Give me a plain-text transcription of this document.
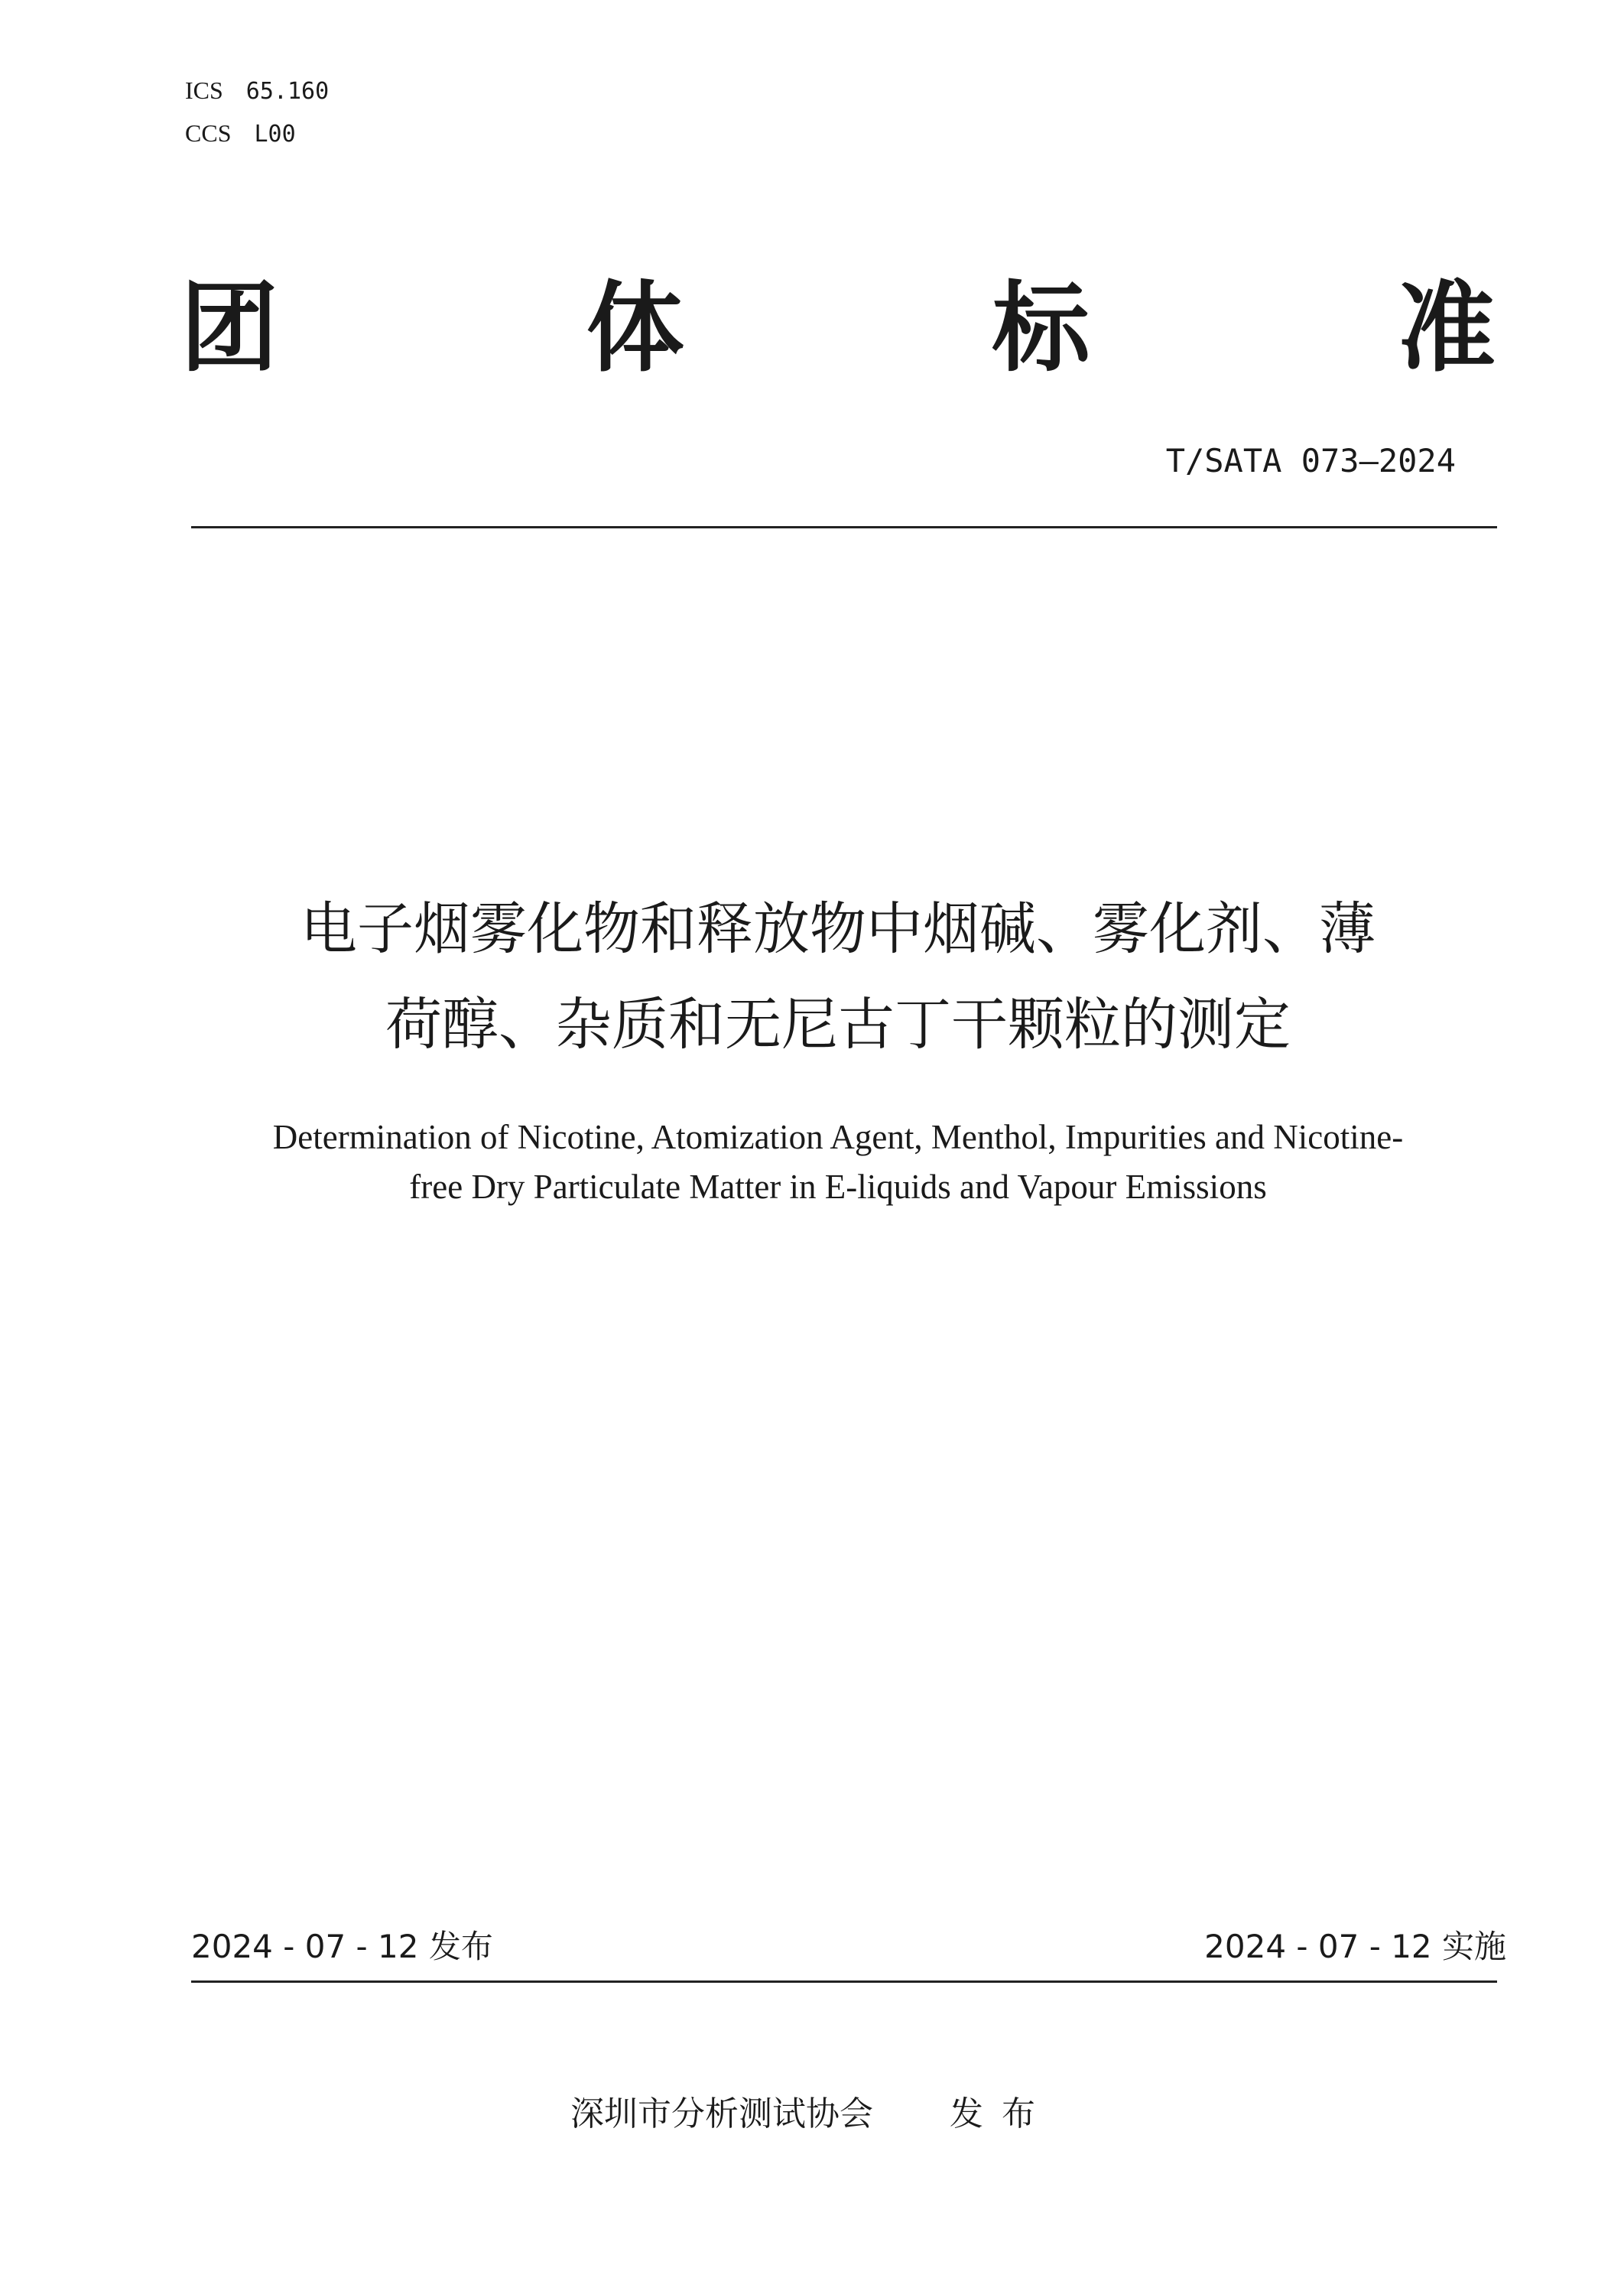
ICS 65.160
CCS L00
团	体	标	准
T/SATA 073—2024
电子烟雾化物和释放物中烟碱、雾化剂、薄
荷醇、杂质和无尼古丁干颗粒的测定
Determination of Nicotine, Atomization Agent, Menthol, Impurities and Nicotine-
free Dry Particulate Matter in E-liquids and Vapour Emissions
2024 - 07 - 12 发布	2024 - 07 - 12 实施
深圳市分析测试协会 发布
